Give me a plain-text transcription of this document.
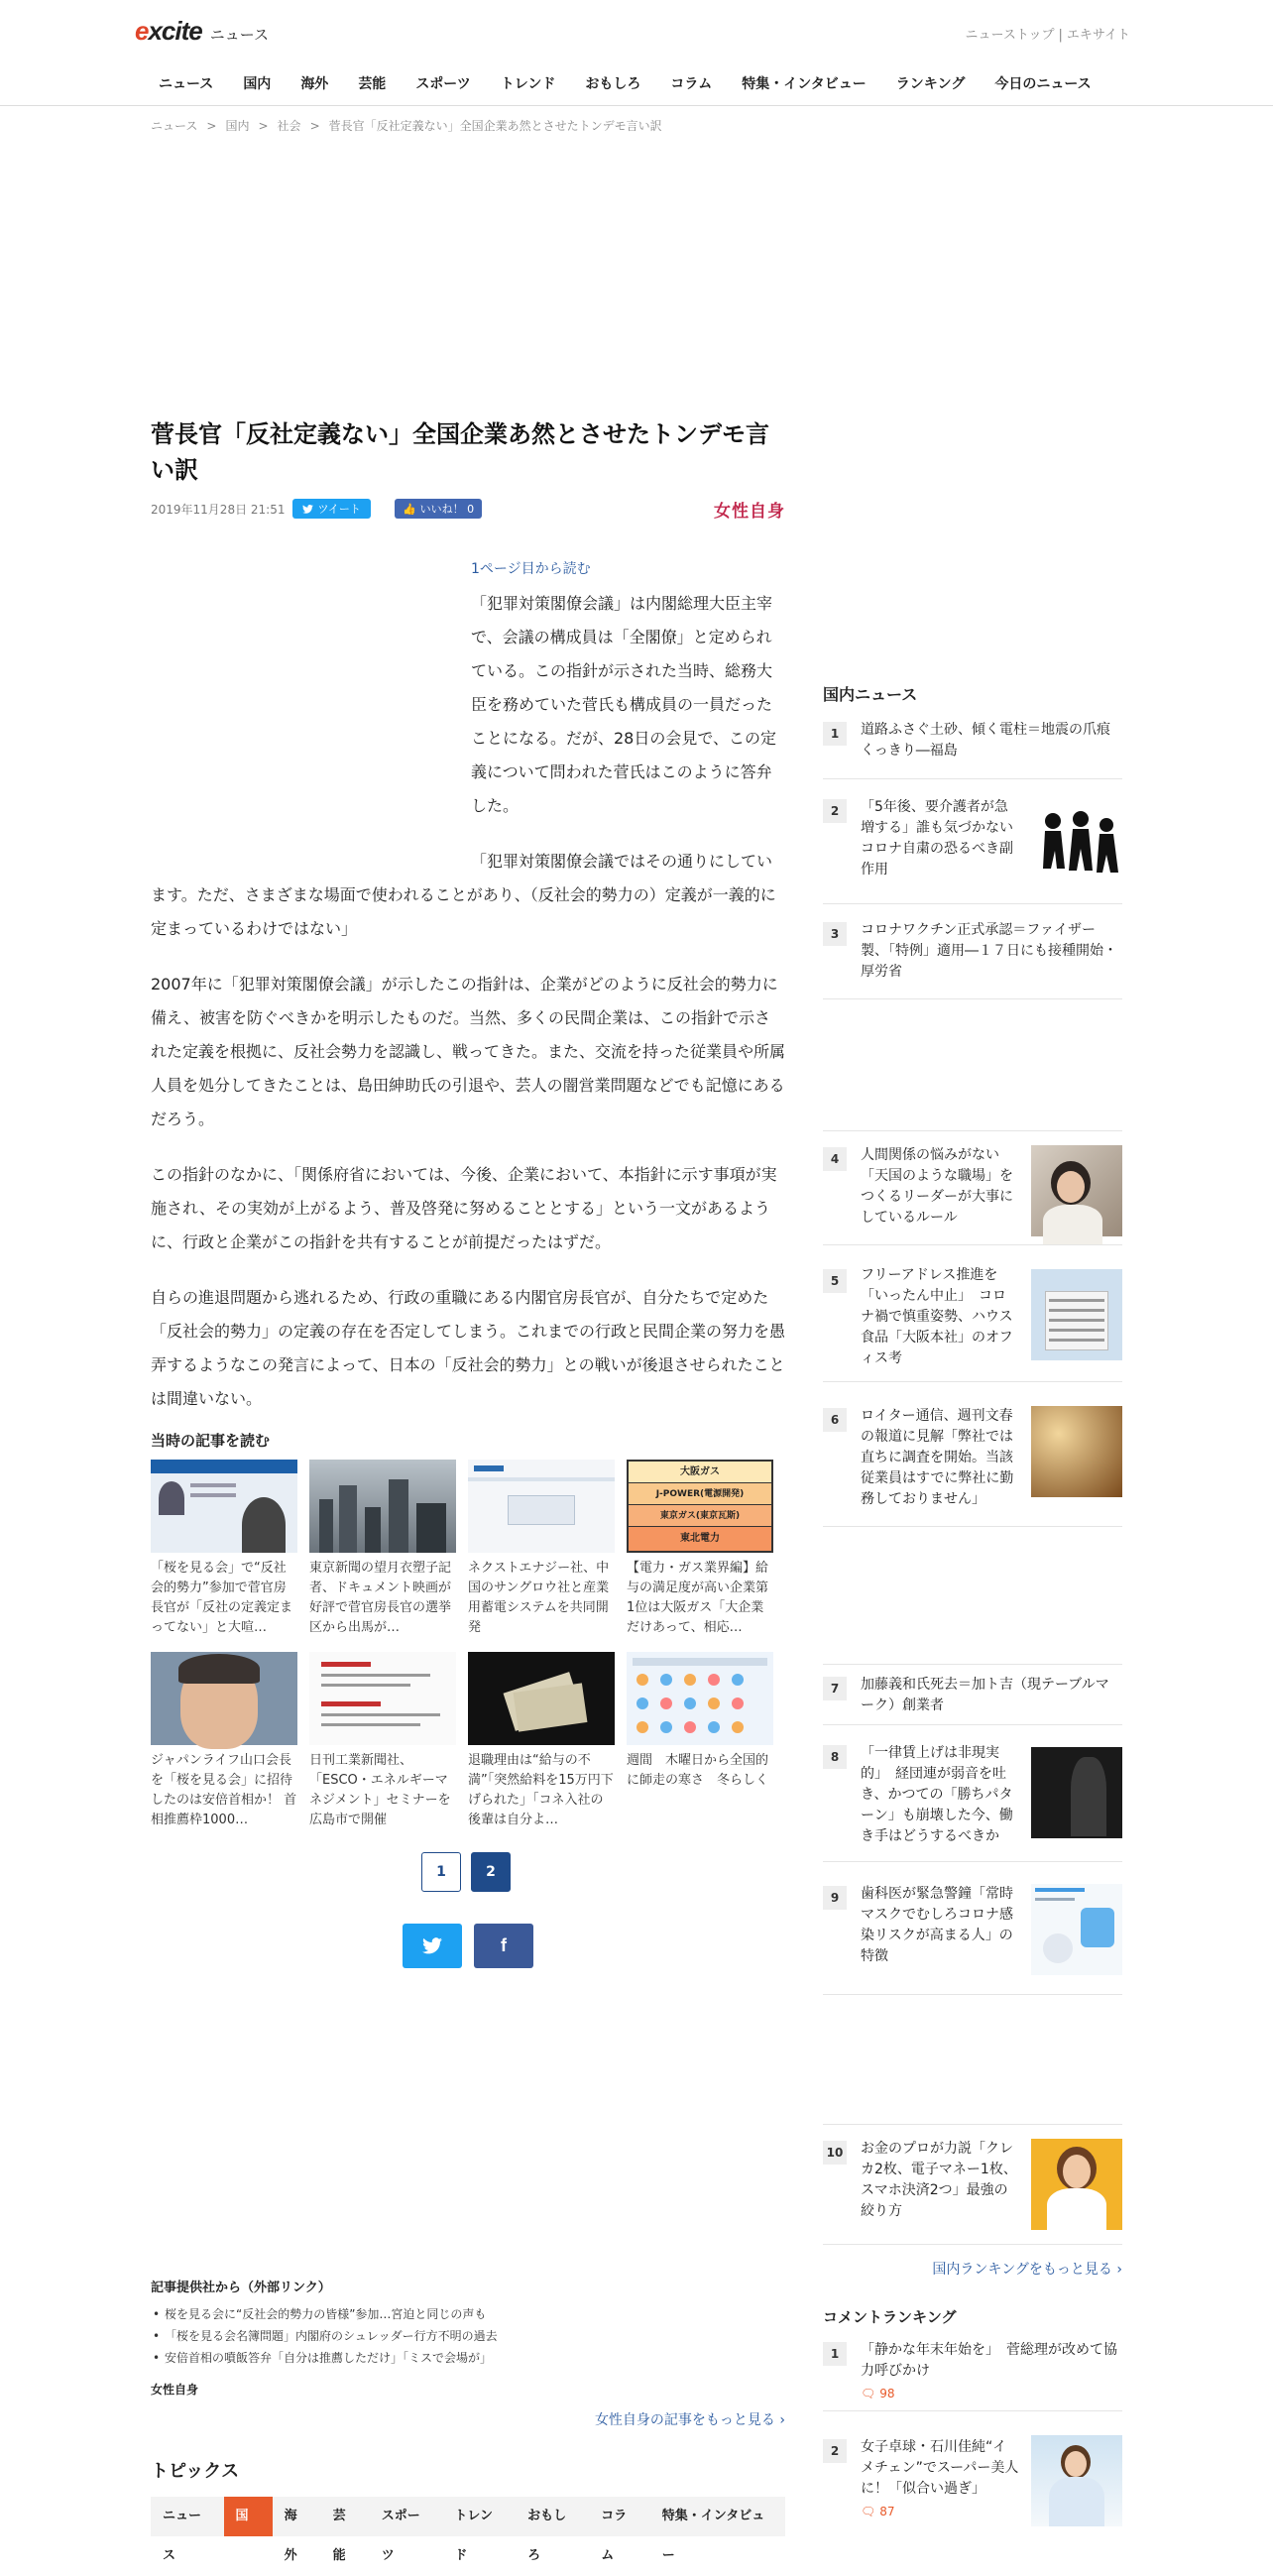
excite ニュース	ニューストップ | エキサイト
ニュース	国内	海外	芸能	スポーツ	トレンド	おもしろ	コラム	特集・インタビュー	ランキング	今日のニュース
ニュース > 国内 > 社会 > 菅長官「反社定義ない」全国企業あ然とさせたトンデモ言い訳
菅長官「反社定義ない」全国企業あ然とさせたトンデモ言い訳
2019年11月28日 21:51	ツイート	👍 いいね！ 0	女性自身
1ページ目から読む

「犯罪対策閣僚会議」は内閣総理大臣主宰で、会議の構成員は「全閣僚」と定められている。この指針が示された当時、総務大臣を務めていた菅氏も構成員の一員だったことになる。だが、28日の会見で、この定義について問われた菅氏はこのように答弁した。

「犯罪対策閣僚会議ではその通りにしています。ただ、さまざまな場面で使われることがあり、（反社会的勢力の）定義が一義的に定まっているわけではない」

2007年に「犯罪対策閣僚会議」が示したこの指針は、企業がどのように反社会的勢力に備え、被害を防ぐべきかを明示したものだ。当然、多くの民間企業は、この指針で示された定義を根拠に、反社会勢力を認識し、戦ってきた。また、交流を持った従業員や所属人員を処分してきたことは、島田紳助氏の引退や、芸人の闇営業問題などでも記憶にあるだろう。

この指針のなかに、「関係府省においては、今後、企業において、本指針に示す事項が実施され、その実効が上がるよう、普及啓発に努めることとする」という一文があるように、行政と企業がこの指針を共有することが前提だったはずだ。

自らの進退問題から逃れるため、行政の重職にある内閣官房長官が、自分たちで定めた「反社会的勢力」の定義の存在を否定してしまう。これまでの行政と民間企業の努力を愚弄するようなこの発言によって、日本の「反社会的勢力」との戦いが後退させられたことは間違いない。

当時の記事を読む
「桜を見る会」で“反社会的勢力”参加で菅官房長官が「反社の定義定まってない」と大喧…
東京新聞の望月衣塑子記者、ドキュメント映画が好評で菅官房長官の選挙区から出馬が…
ネクストエナジー社、中国のサングロウ社と産業用蓄電システムを共同開発
大阪ガス
J-POWER(電源開発)
東京ガス(東京瓦斯)
東北電力
【電力・ガス業界編】給与の満足度が高い企業第1位は大阪ガス「大企業だけあって、相応…
ジャパンライフ山口会長を「桜を見る会」に招待したのは安倍首相か！ 首相推薦枠1000…
日刊工業新聞社、「ESCO・エネルギーマネジメント」セミナーを広島市で開催
退職理由は“給与の不満”「突然給料を15万円下げられた」「コネ入社の後輩は自分よ…
週間　木曜日から全国的に師走の寒さ　冬らしく
1	2
f
記事提供社から（外部リンク）
• 桜を見る会に“反社会的勢力の皆様”参加…宮迫と同じの声も
• 「桜を見る会名簿問題」内閣府のシュレッダー行方不明の過去
• 安倍首相の噴飯答弁「自分は推薦しただけ」「ミスで会場が」
女性自身
女性自身の記事をもっと見る ›
トピックス
ニュース
国内
海外
芸能
スポーツ
トレンド
おもしろ
コラム
特集・インタビュー
国内ニュース
1	道路ふさぐ土砂、傾く電柱＝地震の爪痕くっきり―福島
2	「5年後、要介護者が急増する」誰も気づかないコロナ自粛の恐るべき副作用
3	コロナワクチン正式承認＝ファイザー製、「特例」適用―１７日にも接種開始・厚労省
4	人間関係の悩みがない「天国のような職場」をつくるリーダーが大事にしているルール
5	フリーアドレス推進を「いったん中止」　コロナ禍で慎重姿勢、ハウス食品「大阪本社」のオフィス考
6	ロイター通信、週刊文春の報道に見解「弊社では直ちに調査を開始。当該従業員はすでに弊社に勤務しておりません」
7	加藤義和氏死去＝加ト吉（現テーブルマーク）創業者
8	「一律賃上げは非現実的」　経団連が弱音を吐き、かつての「勝ちパターン」も崩壊した今、働き手はどうするべきか
9	歯科医が緊急警鐘「常時マスクでむしろコロナ感染リスクが高まる人」の特徴
10 お金のプロが力説「クレカ2枚、電子マネー1枚、スマホ決済2つ」最強の絞り方
国内ランキングをもっと見る ›
コメントランキング
1	「静かな年末年始を」　菅総理が改めて協力呼びかけ
🗨 98
2	女子卓球・石川佳純“イメチェン”でスーパー美人に！「似合い過ぎ」
🗨 87
